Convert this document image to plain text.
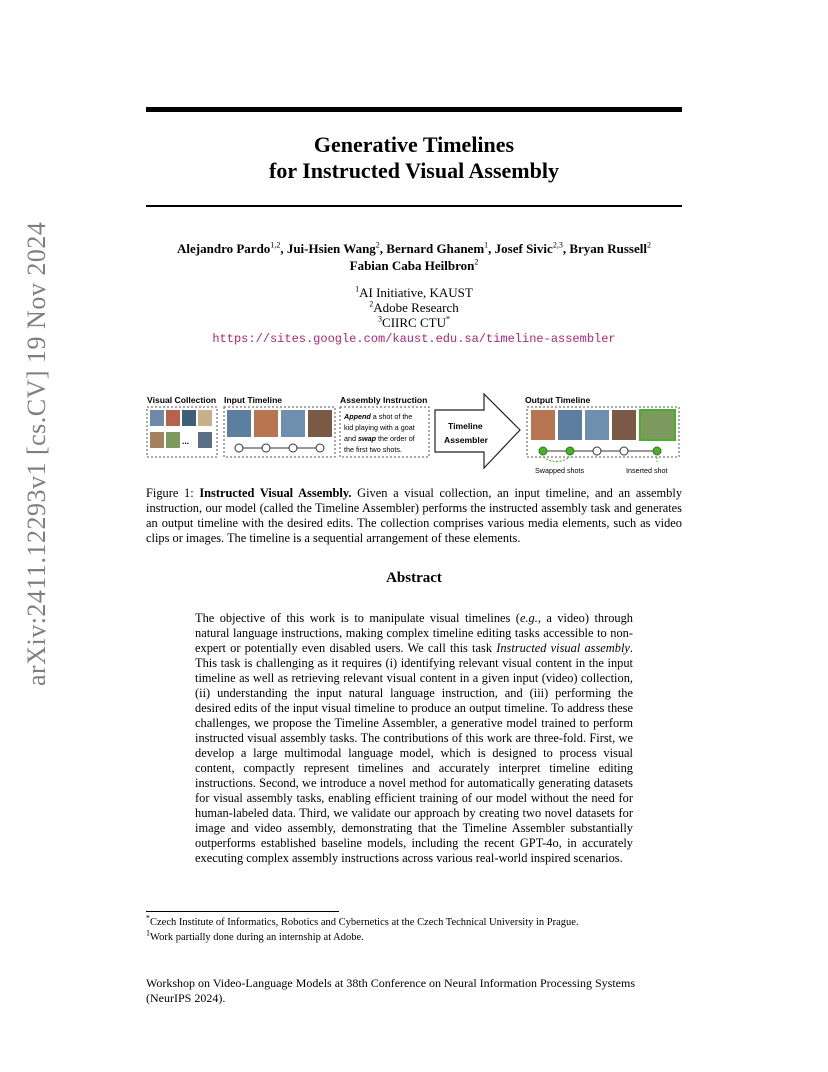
arXiv:2411.12293v1 [cs.CV] 19 Nov 2024
Generative Timelines
for Instructed Visual Assembly
Alejandro Pardo$^{1,2}$, Jui-Hsien Wang$^2$, Bernard Ghanem$^1$, Josef Sivic$^{2,3}$, Bryan Russell$^2$
Fabian Caba Heilbron$^2$
$^1$AI Initiative, KAUST
$^2$Adobe Research
$^3$CIIRC CTU*
https://sites.google.com/kaust.edu.sa/timeline-assembler
Visual Collection Input Timeline	Assembly Instruction	Output Timeline
...
Append a shot of the
kid playing with a goat
and swap the order of
the first two shots.
Timeline
Assembler
Swapped shots	Inserted shot
Figure 1: Instructed Visual Assembly. Given a visual collection, an input timeline, and an assembly instruction, our model (called the Timeline Assembler) performs the instructed assembly task and generates an output timeline with the desired edits. The collection comprises various media elements, such as video clips or images. The timeline is a sequential arrangement of these elements.
Abstract
The objective of this work is to manipulate visual timelines (e.g., a video) through natural language instructions, making complex timeline editing tasks accessible to non-expert or potentially even disabled users. We call this task Instructed visual assembly. This task is challenging as it requires (i) identifying relevant visual content in the input timeline as well as retrieving relevant visual content in a given input (video) collection, (ii) understanding the input natural language instruction, and (iii) performing the desired edits of the input visual timeline to produce an output timeline. To address these challenges, we propose the Timeline Assembler, a generative model trained to perform instructed visual assembly tasks. The contributions of this work are three-fold. First, we develop a large multimodal language model, which is designed to process visual content, compactly represent timelines and accurately interpret timeline editing instructions. Second, we introduce a novel method for automatically generating datasets for visual assembly tasks, enabling efficient training of our model without the need for human-labeled data. Third, we validate our approach by creating two novel datasets for image and video assembly, demonstrating that the Timeline Assembler substantially outperforms established baseline models, including the recent GPT-4o, in accurately executing complex assembly instructions across various real-world inspired scenarios.
*Czech Institute of Informatics, Robotics and Cybernetics at the Czech Technical University in Prague.
$^1$Work partially done during an internship at Adobe.
Workshop on Video-Language Models at 38th Conference on Neural Information Processing Systems (NeurIPS 2024).
